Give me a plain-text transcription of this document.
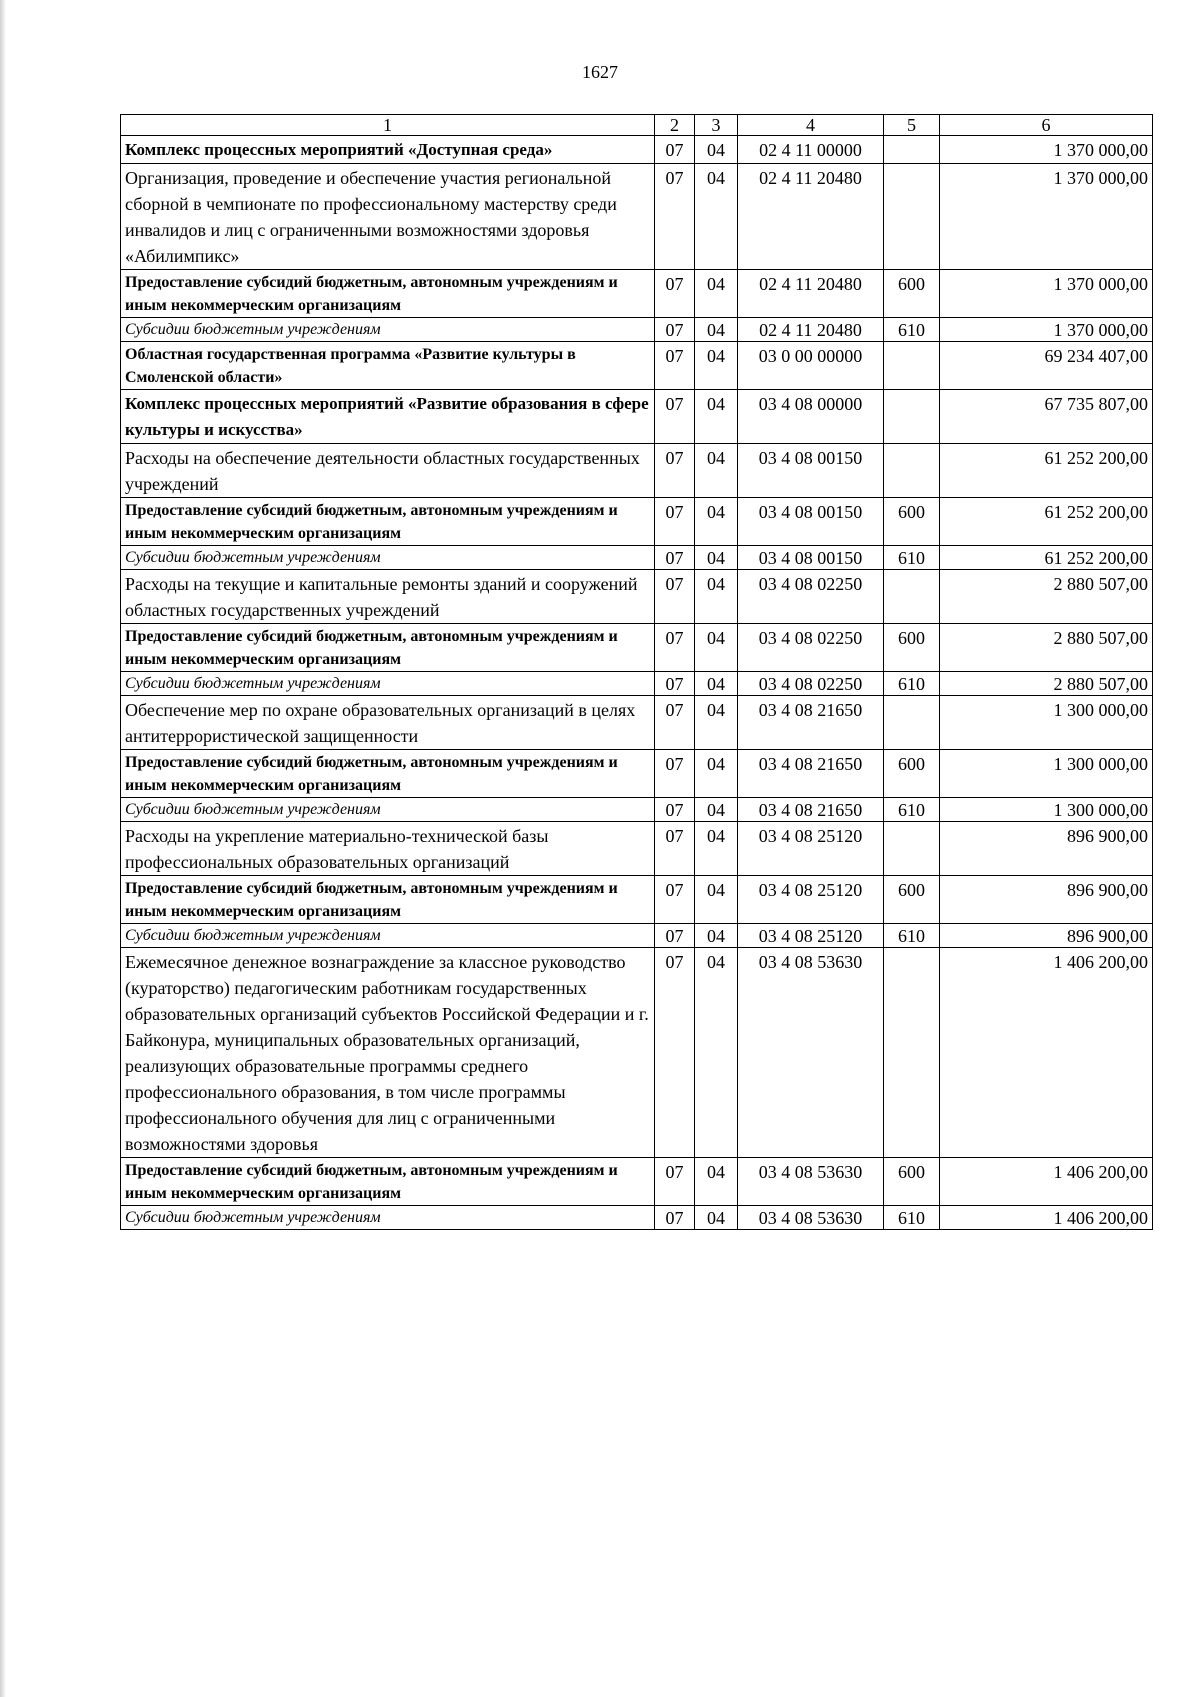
1627
1	2	3	4	5	6
Комплекс процессных мероприятий «Доступная среда»	07	04	02 4 11 00000		1 370 000,00
Организация, проведение и обеспечение участия региональной сборной в чемпионате по профессиональному мастерству среди инвалидов и лиц с ограниченными возможностями здоровья «Абилимпикс»	07	04	02 4 11 20480		1 370 000,00
Предоставление субсидий бюджетным, автономным учреждениям и иным некоммерческим организациям	07	04	02 4 11 20480	600	1 370 000,00
Субсидии бюджетным учреждениям	07	04	02 4 11 20480	610	1 370 000,00
Областная государственная программа «Развитие культуры в Смоленской области»	07	04	03 0 00 00000		69 234 407,00
Комплекс процессных мероприятий «Развитие образования в сфере культуры и искусства»	07	04	03 4 08 00000		67 735 807,00
Расходы на обеспечение деятельности областных государственных учреждений	07	04	03 4 08 00150		61 252 200,00
Предоставление субсидий бюджетным, автономным учреждениям и иным некоммерческим организациям	07	04	03 4 08 00150	600	61 252 200,00
Субсидии бюджетным учреждениям	07	04	03 4 08 00150	610	61 252 200,00
Расходы на текущие и капитальные ремонты зданий и сооружений областных государственных учреждений	07	04	03 4 08 02250		2 880 507,00
Предоставление субсидий бюджетным, автономным учреждениям и иным некоммерческим организациям	07	04	03 4 08 02250	600	2 880 507,00
Субсидии бюджетным учреждениям	07	04	03 4 08 02250	610	2 880 507,00
Обеспечение мер по охране образовательных организаций в целях антитеррористической защищенности	07	04	03 4 08 21650		1 300 000,00
Предоставление субсидий бюджетным, автономным учреждениям и иным некоммерческим организациям	07	04	03 4 08 21650	600	1 300 000,00
Субсидии бюджетным учреждениям	07	04	03 4 08 21650	610	1 300 000,00
Расходы на укрепление материально-технической базы профессиональных образовательных организаций	07	04	03 4 08 25120		896 900,00
Предоставление субсидий бюджетным, автономным учреждениям и иным некоммерческим организациям	07	04	03 4 08 25120	600	896 900,00
Субсидии бюджетным учреждениям	07	04	03 4 08 25120	610	896 900,00
Ежемесячное денежное вознаграждение за классное руководство (кураторство) педагогическим работникам государственных образовательных организаций субъектов Российской Федерации и г. Байконура, муниципальных образовательных организаций, реализующих образовательные программы среднего профессионального образования, в том числе программы профессионального обучения для лиц с ограниченными возможностями здоровья	07	04	03 4 08 53630		1 406 200,00
Предоставление субсидий бюджетным, автономным учреждениям и иным некоммерческим организациям	07	04	03 4 08 53630	600	1 406 200,00
Субсидии бюджетным учреждениям	07	04	03 4 08 53630	610	1 406 200,00
